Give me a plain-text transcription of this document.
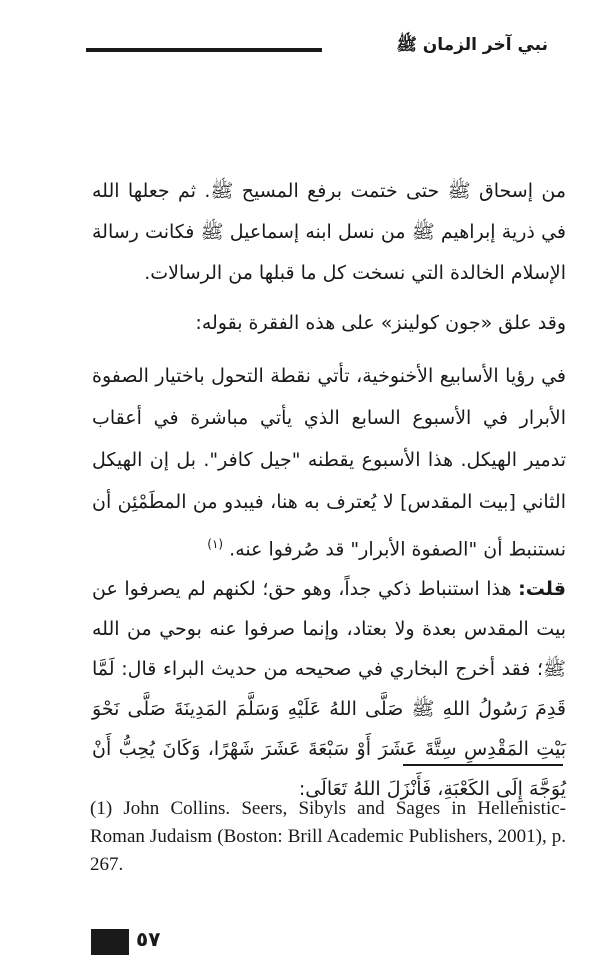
نبي آخر الزمان ﷺ

من إسحاق ﷺ حتى ختمت برفع المسيح ﷺ. ثم جعلها الله في ذرية إبراهيم ﷺ من نسل ابنه إسماعيل ﷺ فكانت رسالة الإسلام الخالدة التي نسخت كل ما قبلها من الرسالات.

وقد علق «جون كولينز» على هذه الفقرة بقوله:

في رؤيا الأسابيع الأخنوخية، تأتي نقطة التحول باختيار الصفوة الأبرار في الأسبوع السابع الذي يأتي مباشرة في أعقاب تدمير الهيكل. هذا الأسبوع يقطنه "جيل كافر". بل إن الهيكل الثاني [بيت المقدس] لا يُعترف به هنا، فيبدو من المطَمْئِن أن نستنبط أن "الصفوة الأبرار" قد صُرفوا عنه. $^{(١)}$

قلت: هذا استنباط ذكي جداً، وهو حق؛ لكنهم لم يصرفوا عن بيت المقدس بعدة ولا بعتاد، وإنما صرفوا عنه بوحي من الله ﷺ؛ فقد أخرج البخاري في صحيحه من حديث البراء قال: لَمَّا قَدِمَ رَسُولُ اللهِ ﷺ صَلَّى اللهُ عَلَيْهِ وَسَلَّمَ المَدِينَةَ صَلَّى نَحْوَ بَيْتِ المَقْدِسِ سِتَّةَ عَشَرَ أَوْ سَبْعَةَ عَشَرَ شَهْرًا، وَكَانَ يُحِبُّ أَنْ يُوَجَّهَ إِلَى الكَعْبَةِ، فَأَنْزَلَ اللهُ تَعَالَى:

(1) John Collins. Seers, Sibyls and Sages in Hellenistic-Roman Judaism (Boston: Brill Academic Publishers, 2001), p. 267.

٥٧
